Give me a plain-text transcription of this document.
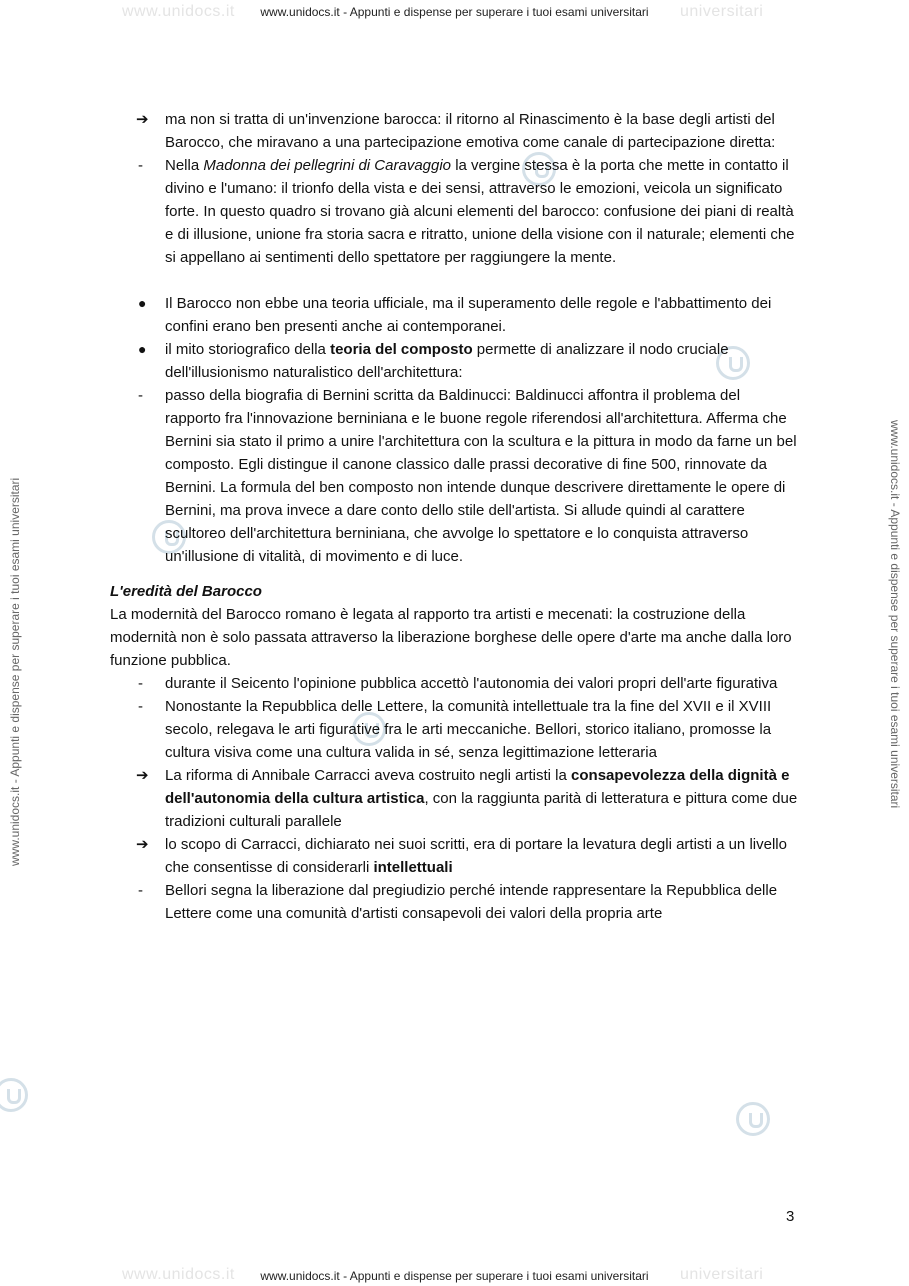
www.unidocs.it	universitari
www.unidocs.it - Appunti e dispense per superare i tuoi esami universitari
www.unidocs.it	universitari
www.unidocs.it - Appunti e dispense per superare i tuoi esami universitari
www.unidocs.it - Appunti e dispense per superare i tuoi esami universitari	www.unidocs.it - Appunti e dispense per superare i tuoi esami universitari
➔	ma non si tratta di un'invenzione barocca: il ritorno al Rinascimento è la base degli artisti del Barocco, che miravano a una partecipazione emotiva come canale di partecipazione diretta:
-	Nella Madonna dei pellegrini di Caravaggio la vergine stessa è la porta che mette in contatto il divino e l'umano: il trionfo della vista e dei sensi, attraverso le emozioni, veicola un significato forte. In questo quadro si trovano già alcuni elementi del barocco: confusione dei piani di realtà e di illusione, unione fra storia sacra e ritratto, unione della visione con il naturale; elementi che si appellano ai sentimenti dello spettatore per raggiungere la mente.
●	Il Barocco non ebbe una teoria ufficiale, ma il superamento delle regole e l'abbattimento dei confini erano ben presenti anche ai contemporanei.
●	il mito storiografico della teoria del composto permette di analizzare il nodo cruciale dell'illusionismo naturalistico dell'architettura:
-	passo della biografia di Bernini scritta da Baldinucci: Baldinucci affontra il problema del rapporto fra l'innovazione berniniana e le buone regole riferendosi all'architettura. Afferma che Bernini sia stato il primo a unire l'architettura con la scultura e la pittura in modo da farne un bel composto. Egli distingue il canone classico dalle prassi decorative di fine 500, rinnovate da Bernini. La formula del ben composto non intende dunque descrivere direttamente le opere di Bernini, ma prova invece a dare conto dello stile dell'artista. Si allude quindi al carattere scultoreo dell'architettura berniniana, che avvolge lo spettatore e lo conquista attraverso un'illusione di vitalità, di movimento e di luce.
L'eredità del Barocco
La modernità del Barocco romano è legata al rapporto tra artisti e mecenati: la costruzione della modernità non è solo passata attraverso la liberazione borghese delle opere d'arte ma anche dalla loro funzione pubblica.
-	durante il Seicento l'opinione pubblica accettò l'autonomia dei valori propri dell'arte figurativa
-	Nonostante la Repubblica delle Lettere, la comunità intellettuale tra la fine del XVII e il XVIII secolo, relegava le arti figurative fra le arti meccaniche. Bellori, storico italiano, promosse la cultura visiva come una cultura valida in sé, senza legittimazione letteraria
➔	La riforma di Annibale Carracci aveva costruito negli artisti la consapevolezza della dignità e dell'autonomia della cultura artistica, con la raggiunta parità di letteratura e pittura come due tradizioni culturali parallele
➔	lo scopo di Carracci, dichiarato nei suoi scritti, era di portare la levatura degli artisti a un livello che consentisse di considerarli intellettuali
-	Bellori segna la liberazione dal pregiudizio perché intende rappresentare la Repubblica delle Lettere come una comunità d'artisti consapevoli dei valori della propria arte
3
